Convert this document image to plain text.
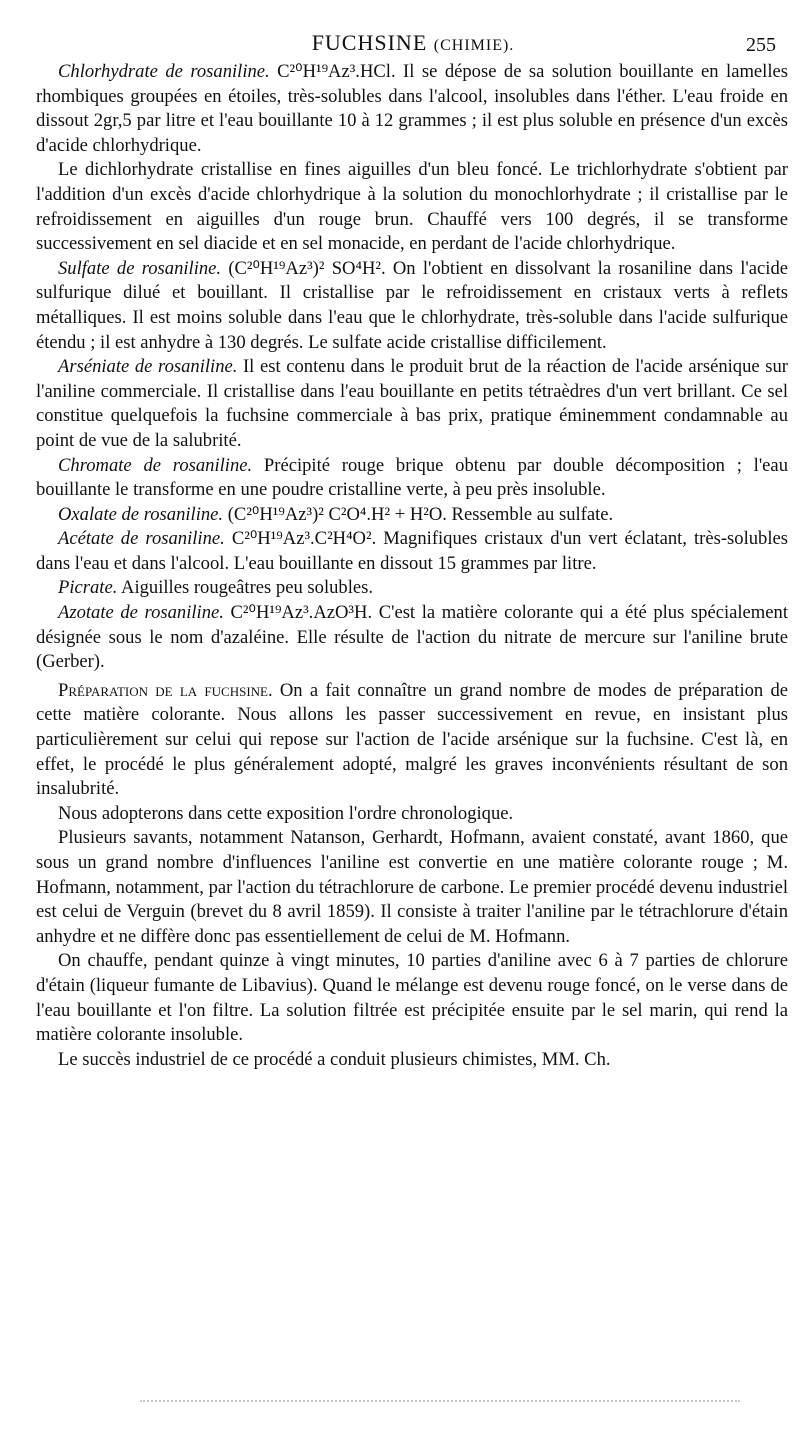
FUCHSINE (CHIMIE).	255

Chlorhydrate de rosaniline. C²⁰H¹⁹Az³.HCl. Il se dépose de sa solution bouillante en lamelles rhombiques groupées en étoiles, très-solubles dans l'alcool, insolubles dans l'éther. L'eau froide en dissout 2gr,5 par litre et l'eau bouillante 10 à 12 grammes ; il est plus soluble en présence d'un excès d'acide chlorhydrique.

Le dichlorhydrate cristallise en fines aiguilles d'un bleu foncé. Le trichlorhydrate s'obtient par l'addition d'un excès d'acide chlorhydrique à la solution du monochlorhydrate ; il cristallise par le refroidissement en aiguilles d'un rouge brun. Chauffé vers 100 degrés, il se transforme successivement en sel diacide et en sel monacide, en perdant de l'acide chlorhydrique.

Sulfate de rosaniline. (C²⁰H¹⁹Az³)² SO⁴H². On l'obtient en dissolvant la rosaniline dans l'acide sulfurique dilué et bouillant. Il cristallise par le refroidissement en cristaux verts à reflets métalliques. Il est moins soluble dans l'eau que le chlorhydrate, très-soluble dans l'acide sulfurique étendu ; il est anhydre à 130 degrés. Le sulfate acide cristallise difficilement.

Arséniate de rosaniline. Il est contenu dans le produit brut de la réaction de l'acide arsénique sur l'aniline commerciale. Il cristallise dans l'eau bouillante en petits tétraèdres d'un vert brillant. Ce sel constitue quelquefois la fuchsine commerciale à bas prix, pratique éminemment condamnable au point de vue de la salubrité.

Chromate de rosaniline. Précipité rouge brique obtenu par double décomposition ; l'eau bouillante le transforme en une poudre cristalline verte, à peu près insoluble.

Oxalate de rosaniline. (C²⁰H¹⁹Az³)² C²O⁴.H² + H²O. Ressemble au sulfate.

Acétate de rosaniline. C²⁰H¹⁹Az³.C²H⁴O². Magnifiques cristaux d'un vert éclatant, très-solubles dans l'eau et dans l'alcool. L'eau bouillante en dissout 15 grammes par litre.

Picrate. Aiguilles rougeâtres peu solubles.

Azotate de rosaniline. C²⁰H¹⁹Az³.AzO³H. C'est la matière colorante qui a été plus spécialement désignée sous le nom d'azaléine. Elle résulte de l'action du nitrate de mercure sur l'aniline brute (Gerber).

Préparation de la fuchsine. On a fait connaître un grand nombre de modes de préparation de cette matière colorante. Nous allons les passer successivement en revue, en insistant plus particulièrement sur celui qui repose sur l'action de l'acide arsénique sur la fuchsine. C'est là, en effet, le procédé le plus généralement adopté, malgré les graves inconvénients résultant de son insalubrité.

Nous adopterons dans cette exposition l'ordre chronologique.

Plusieurs savants, notamment Natanson, Gerhardt, Hofmann, avaient constaté, avant 1860, que sous un grand nombre d'influences l'aniline est convertie en une matière colorante rouge ; M. Hofmann, notamment, par l'action du tétrachlorure de carbone. Le premier procédé devenu industriel est celui de Verguin (brevet du 8 avril 1859). Il consiste à traiter l'aniline par le tétrachlorure d'étain anhydre et ne diffère donc pas essentiellement de celui de M. Hofmann.

On chauffe, pendant quinze à vingt minutes, 10 parties d'aniline avec 6 à 7 parties de chlorure d'étain (liqueur fumante de Libavius). Quand le mélange est devenu rouge foncé, on le verse dans de l'eau bouillante et l'on filtre. La solution filtrée est précipitée ensuite par le sel marin, qui rend la matière colorante insoluble.

Le succès industriel de ce procédé a conduit plusieurs chimistes, MM. Ch.
